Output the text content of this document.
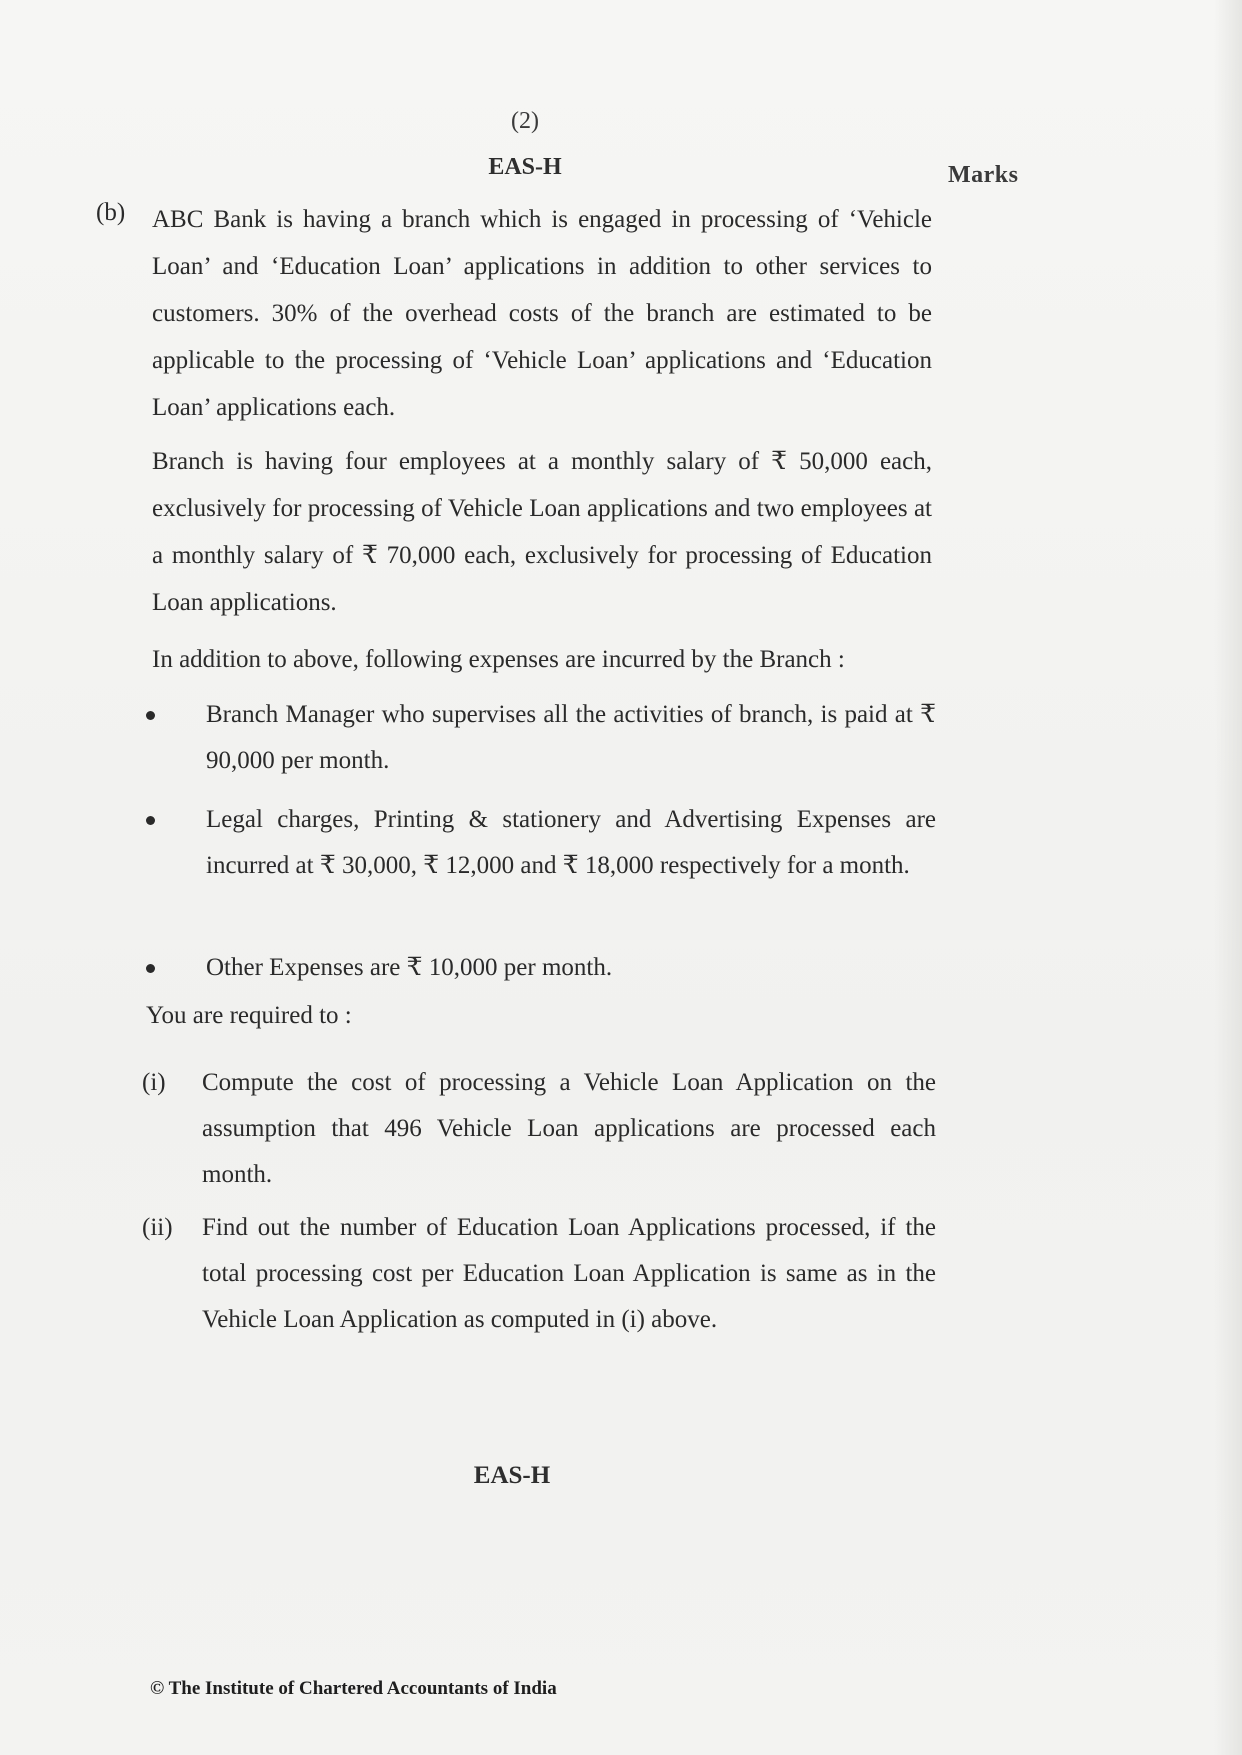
(2)
EAS-H	Marks
(b) ABC Bank is having a branch which is engaged in processing of ‘Vehicle Loan’ and ‘Education Loan’ applications in addition to other services to customers. 30% of the overhead costs of the branch are estimated to be applicable to the processing of ‘Vehicle Loan’ applications and ‘Education Loan’ applications each.
Branch is having four employees at a monthly salary of ₹ 50,000 each, exclusively for processing of Vehicle Loan applications and two employees at a monthly salary of ₹ 70,000 each, exclusively for processing of Education Loan applications.
In addition to above, following expenses are incurred by the Branch :
Branch Manager who supervises all the activities of branch, is paid at ₹ 90,000 per month.
Legal charges, Printing & stationery and Advertising Expenses are incurred at ₹ 30,000, ₹ 12,000 and ₹ 18,000 respectively for a month.
Other Expenses are ₹ 10,000 per month.
You are required to :
(i) Compute the cost of processing a Vehicle Loan Application on the assumption that 496 Vehicle Loan applications are processed each month.
(ii) Find out the number of Education Loan Applications processed, if the total processing cost per Education Loan Application is same as in the Vehicle Loan Application as computed in (i) above.
EAS-H
© The Institute of Chartered Accountants of India
